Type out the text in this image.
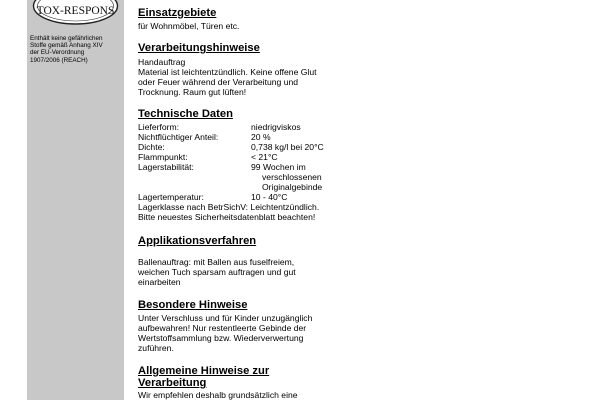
TOX-RESPONS
Enthält keine gefährlichen
Stoffe gemäß Anhang XIV
der EU-Verordnung
1907/2006 (REACH)
Einsatzgebiete
für Wohnmöbel, Türen etc.
Verarbeitungshinweise
Handauftrag
Material ist leichtentzündlich. Keine offene Glut
oder Feuer während der Verarbeitung und
Trocknung. Raum gut lüften!
Technische Daten
Lieferform:	niedrigviskos
Nichtflüchtiger Anteil:	20 %
Dichte:	0,738 kg/l bei 20°C
Flammpunkt:	< 21°C
Lagerstabilität:	99 Wochen im
verschlossenen
Originalgebinde
Lagertemperatur:	10 - 40°C
Lagerklasse nach BetrSichV: Leichtentzündlich.
Bitte neuestes Sicherheitsdatenblatt beachten!
Applikationsverfahren
Ballenauftrag: mit Ballen aus fuselfreiem,
weichen Tuch sparsam auftragen und gut
einarbeiten
Besondere Hinweise
Unter Verschluss und für Kinder unzugänglich
aufbewahren! Nur restentleerte Gebinde der
Wertstoffsammlung bzw. Wiederverwertung
zuführen.
Allgemeine Hinweise zur
Verarbeitung
Wir empfehlen deshalb grundsätzlich eine
